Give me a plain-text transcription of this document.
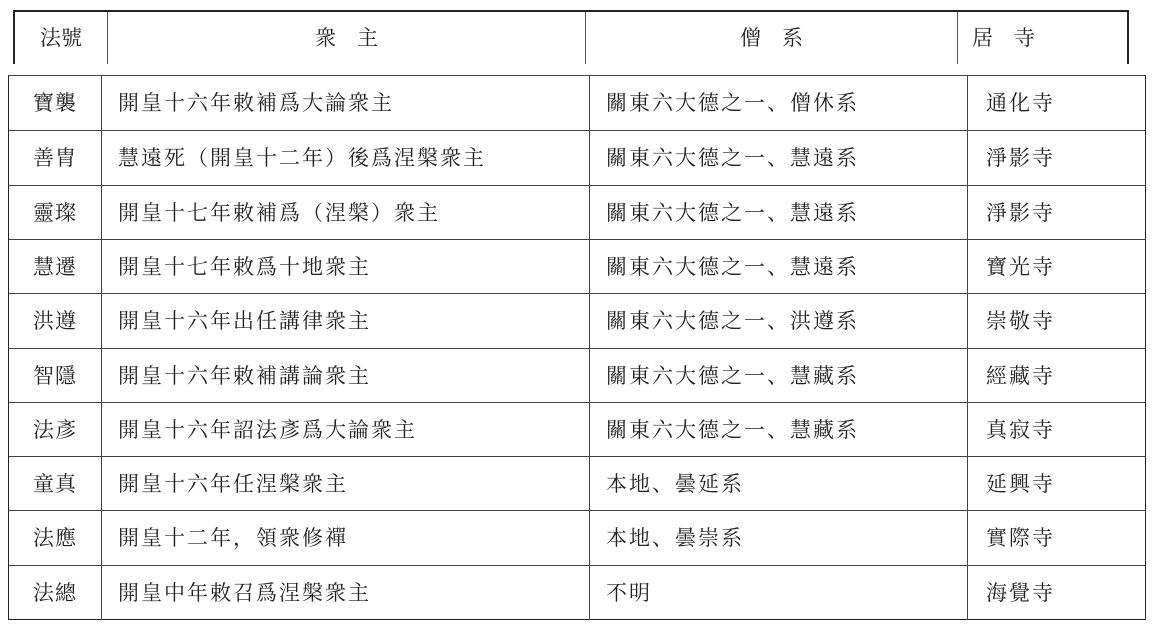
法號	衆　主	僧　系	居　寺
寶襲	開皇十六年敕補爲大論衆主	關東六大德之一、僧休系	通化寺
善胄	慧遠死（開皇十二年）後爲涅槃衆主	關東六大德之一、慧遠系	淨影寺
靈璨	開皇十七年敕補爲（涅槃）衆主	關東六大德之一、慧遠系	淨影寺
慧遷	開皇十七年敕爲十地衆主	關東六大德之一、慧遠系	寶光寺
洪遵	開皇十六年出任講律衆主	關東六大德之一、洪遵系	崇敬寺
智隱	開皇十六年敕補講論衆主	關東六大德之一、慧藏系	經藏寺
法彥	開皇十六年詔法彥爲大論衆主	關東六大德之一、慧藏系	真寂寺
童真	開皇十六年任涅槃衆主	本地、曇延系	延興寺
法應	開皇十二年，領衆修禪	本地、曇崇系	實際寺
法總	開皇中年敕召爲涅槃衆主	不明	海覺寺
